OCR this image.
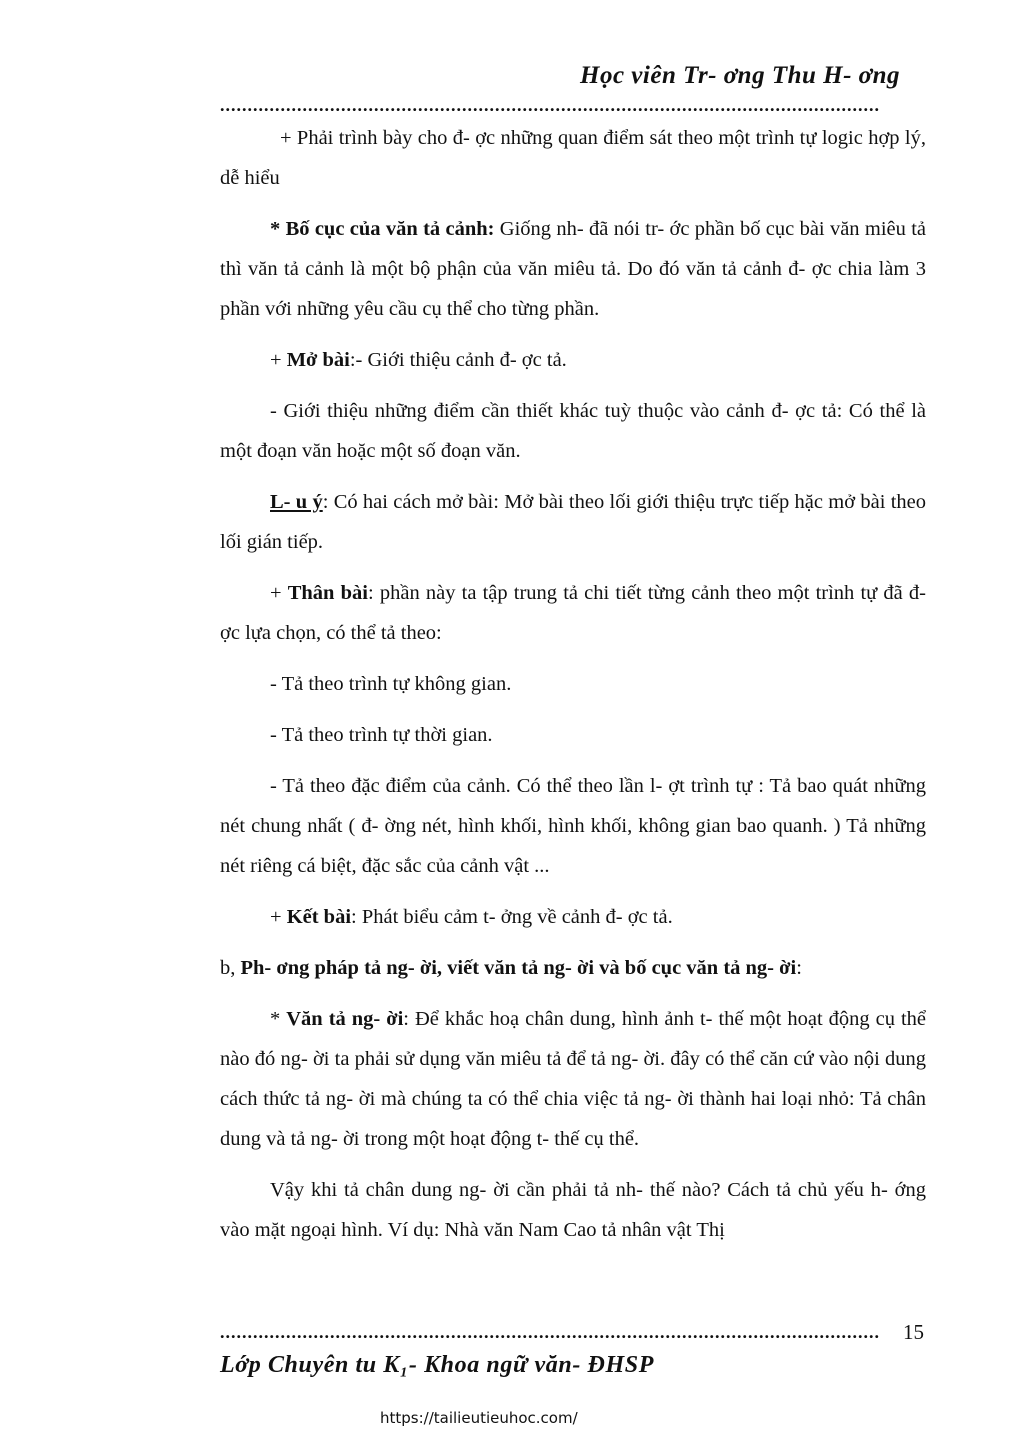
Học viên Tr- ơng Thu H- ơng
........................................................................................................................

+ Phải trình bày cho đ- ợc những quan điểm sát theo một trình tự logic hợp lý, dễ hiểu

* Bố cục của văn tả cảnh: Giống nh- đã nói tr- ớc phần bố cục bài văn miêu tả thì văn tả cảnh là một bộ phận của văn miêu tả. Do đó văn tả cảnh đ- ợc chia làm 3 phần với những yêu cầu cụ thể cho từng phần.

+ Mở bài:- Giới thiệu cảnh đ- ợc tả.

- Giới thiệu những điểm cần thiết khác tuỳ thuộc vào cảnh đ- ợc tả: Có thể là một đoạn văn hoặc một số đoạn văn.

L- u ý: Có hai cách mở bài: Mở bài theo lối giới thiệu trực tiếp hặc mở bài theo lối gián tiếp.

+ Thân bài: phần này ta tập trung tả chi tiết từng cảnh theo một trình tự đã đ- ợc lựa chọn, có thể tả theo:

- Tả theo trình tự không gian.

- Tả theo trình tự thời gian.

- Tả theo đặc điểm của cảnh. Có thể theo lần l- ợt trình tự : Tả bao quát những nét chung nhất ( đ- ờng nét, hình khối, hình khối, không gian bao quanh. ) Tả những nét riêng cá biệt, đặc sắc của cảnh vật ...

+ Kết bài: Phát biểu cảm t- ởng về cảnh đ- ợc tả.

b, Ph- ơng pháp tả ng- ời, viết văn tả ng- ời và bố cục văn tả ng- ời:

* Văn tả ng- ời: Để khắc hoạ chân dung, hình ảnh t- thế một hoạt động cụ thể nào đó ng- ời ta phải sử dụng văn miêu tả để tả ng- ời. đây có thể căn cứ vào nội dung cách thức tả ng- ời mà chúng ta có thể chia việc tả ng- ời thành hai loại nhỏ: Tả chân dung và tả ng- ời trong một hoạt động t- thế cụ thể.

Vậy khi tả chân dung ng- ời cần phải tả nh- thế nào? Cách tả chủ yếu h- ớng vào mặt ngoại hình. Ví dụ: Nhà văn Nam Cao tả nhân vật Thị

........................................................................................................................ 15
Lớp Chuyên tu K₁- Khoa ngữ văn- ĐHSP
https://tailieutieuhoc.com/
